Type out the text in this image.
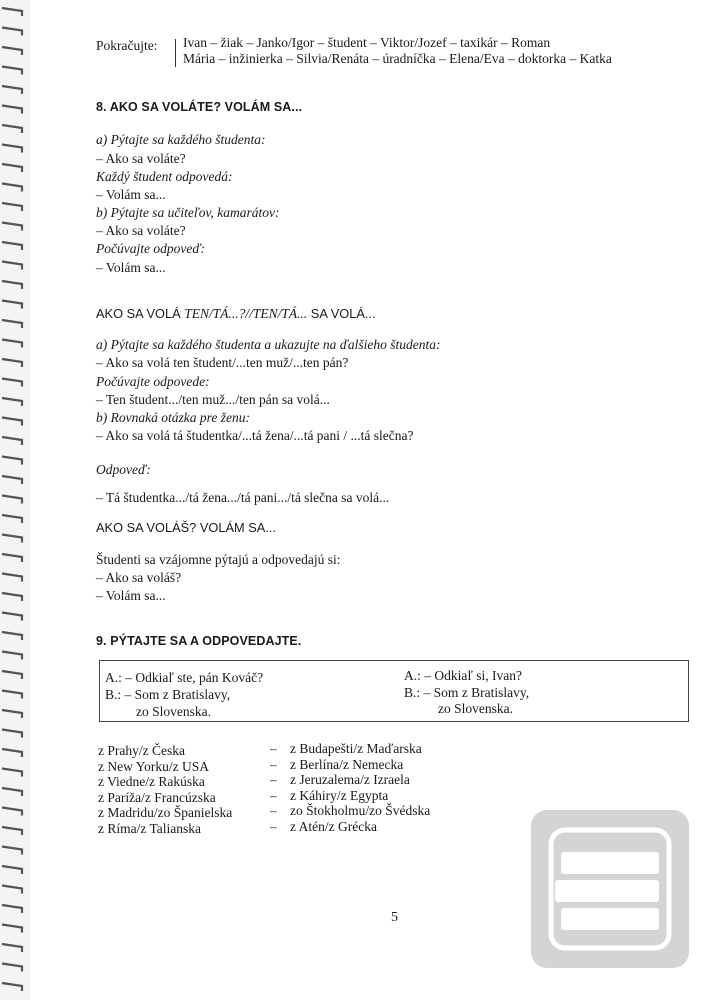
Pokračujte: Ivan – žiak – Janko/Igor – študent – Viktor/Jozef – taxikár – Roman
Mária – inžinierka – Silvia/Renáta – úradníčka – Elena/Eva – doktorka – Katka
8. AKO SA VOLÁTE? VOLÁM SA...
a) Pýtajte sa každého študenta:
– Ako sa voláte?
Každý študent odpovedá:
– Volám sa...
b) Pýtajte sa učiteľov, kamarátov:
– Ako sa voláte?
Počúvajte odpoveď:
– Volám sa...
AKO SA VOLÁ TEN/TÁ...?//TEN/TÁ... SA VOLÁ...
a) Pýtajte sa každého študenta a ukazujte na ďalšieho študenta:
– Ako sa volá ten študent/...ten muž/...ten pán?
Počúvajte odpovede:
– Ten študent.../ten muž.../ten pán sa volá...
b) Rovnaká otázka pre ženu:
– Ako sa volá tá študentka/...tá žena/...tá pani / ...tá slečna?
Odpoveď:
– Tá študentka.../tá žena.../tá pani.../tá slečna sa volá...
AKO SA VOLÁŠ? VOLÁM SA...
Študenti sa vzájomne pýtajú a odpovedajú si:
– Ako sa voláš?
– Volám sa...
9. PÝTAJTE SA A ODPOVEDAJTE.
A.: – Odkiaľ ste, pán Kováč?
B.: – Som z Bratislavy,
zo Slovenska.
A.: – Odkiaľ si, Ivan?
B.: – Som z Bratislavy,
zo Slovenska.
z Prahy/z Česka
z New Yorku/z USA
z Viedne/z Rakúska
z Paríža/z Francúzska
z Madridu/zo Španielska
z Ríma/z Talianska
–
–
–
–
–
–
z Budapešti/z Maďarska
z Berlína/z Nemecka
z Jeruzalema/z Izraela
z Káhiry/z Egypta
zo Štokholmu/zo Švédska
z Atén/z Grécka
5
